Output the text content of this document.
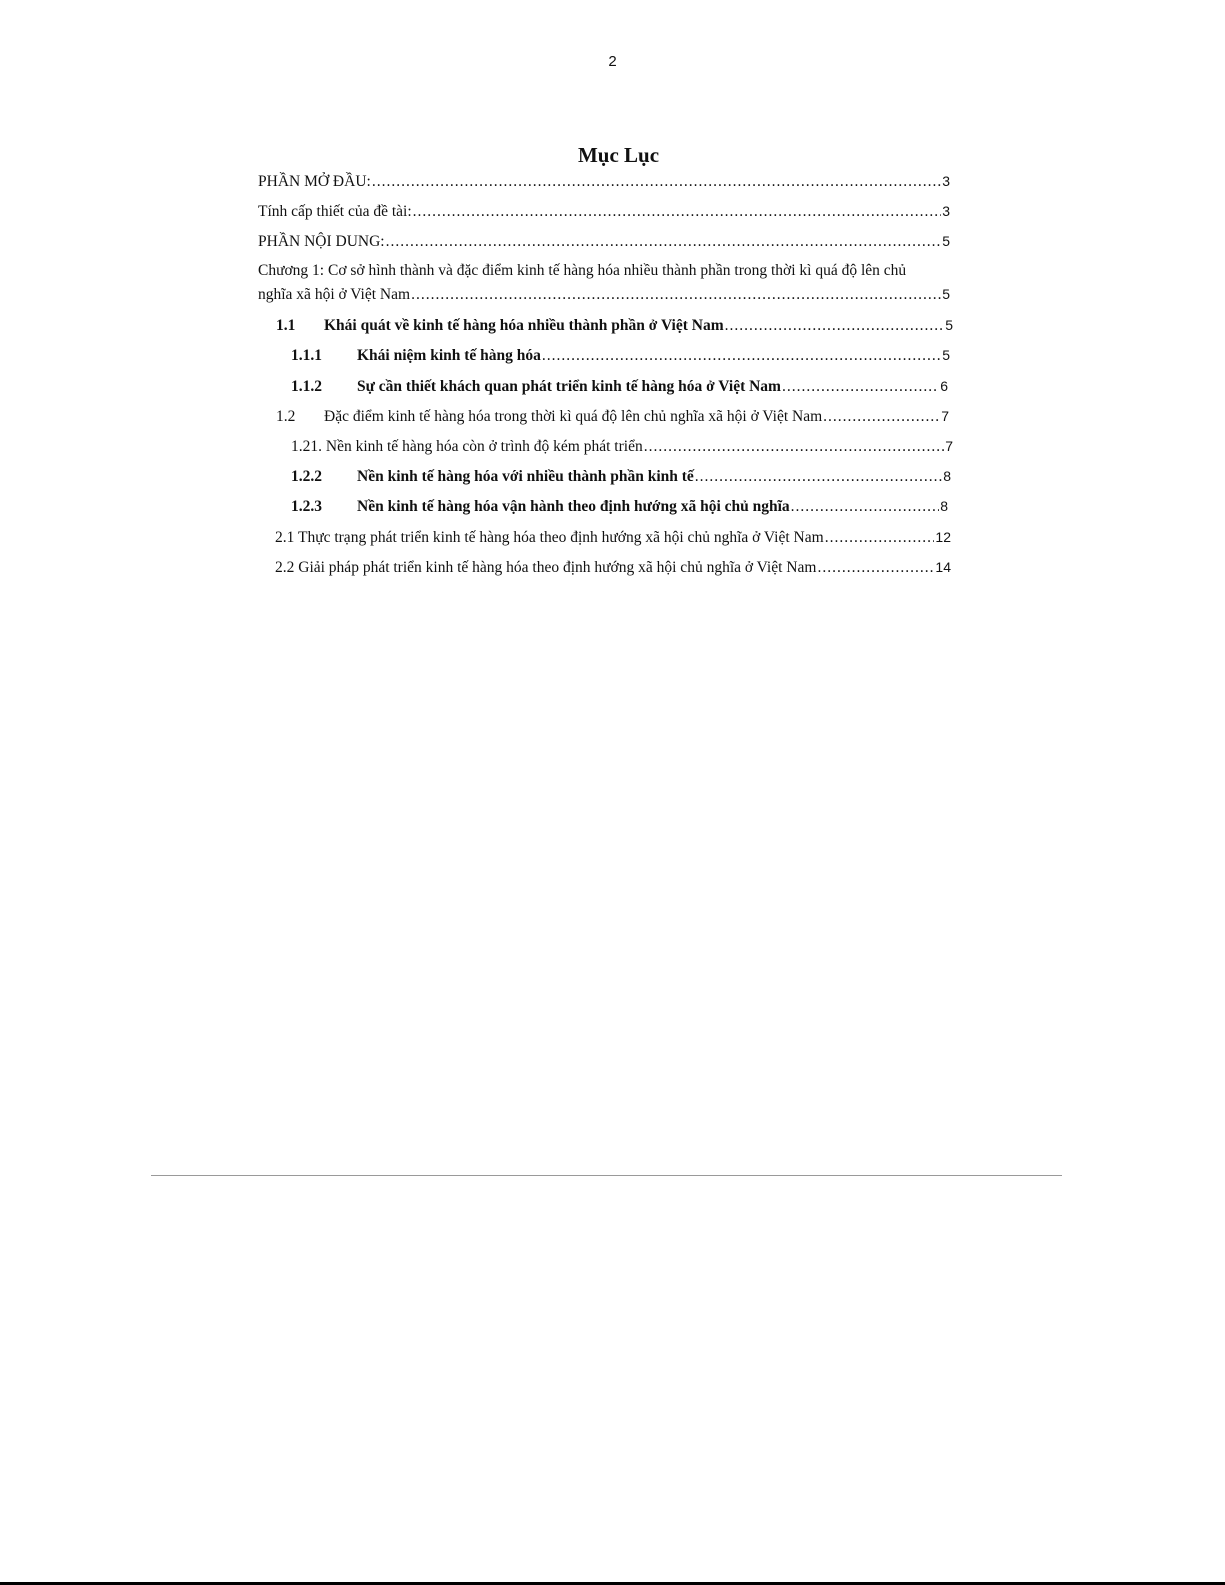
2
Mục Lục
PHẦN MỞ ĐẦU: .....	3
Tính cấp thiết của đề tài: .....	3
PHẦN NỘI DUNG: .....	5
Chương 1: Cơ sở hình thành và đặc điểm kinh tế hàng hóa nhiều thành phần trong thời kì quá độ lên chủ
nghĩa xã hội ở Việt Nam .....	5
1.1	Khái quát về kinh tế hàng hóa nhiều thành phần ở Việt Nam .....	5
1.1.1	Khái niệm kinh tế hàng hóa .....	5
1.1.2	Sự cần thiết khách quan phát triển kinh tế hàng hóa ở Việt Nam .....	6
1.2	Đặc điểm kinh tế hàng hóa trong thời kì quá độ lên chủ nghĩa xã hội ở Việt Nam .....	7
1.21. Nền kinh tế hàng hóa còn ở trình độ kém phát triển .....	7
1.2.2	Nền kinh tế hàng hóa với nhiều thành phần kinh tế .....	8
1.2.3	Nền kinh tế hàng hóa vận hành theo định hướng xã hội chủ nghĩa .....	8
2.1 Thực trạng phát triển kinh tế hàng hóa theo định hướng xã hội chủ nghĩa ở Việt Nam .....	12
2.2 Giải pháp phát triển kinh tế hàng hóa theo định hướng xã hội chủ nghĩa ở Việt Nam .....	14
